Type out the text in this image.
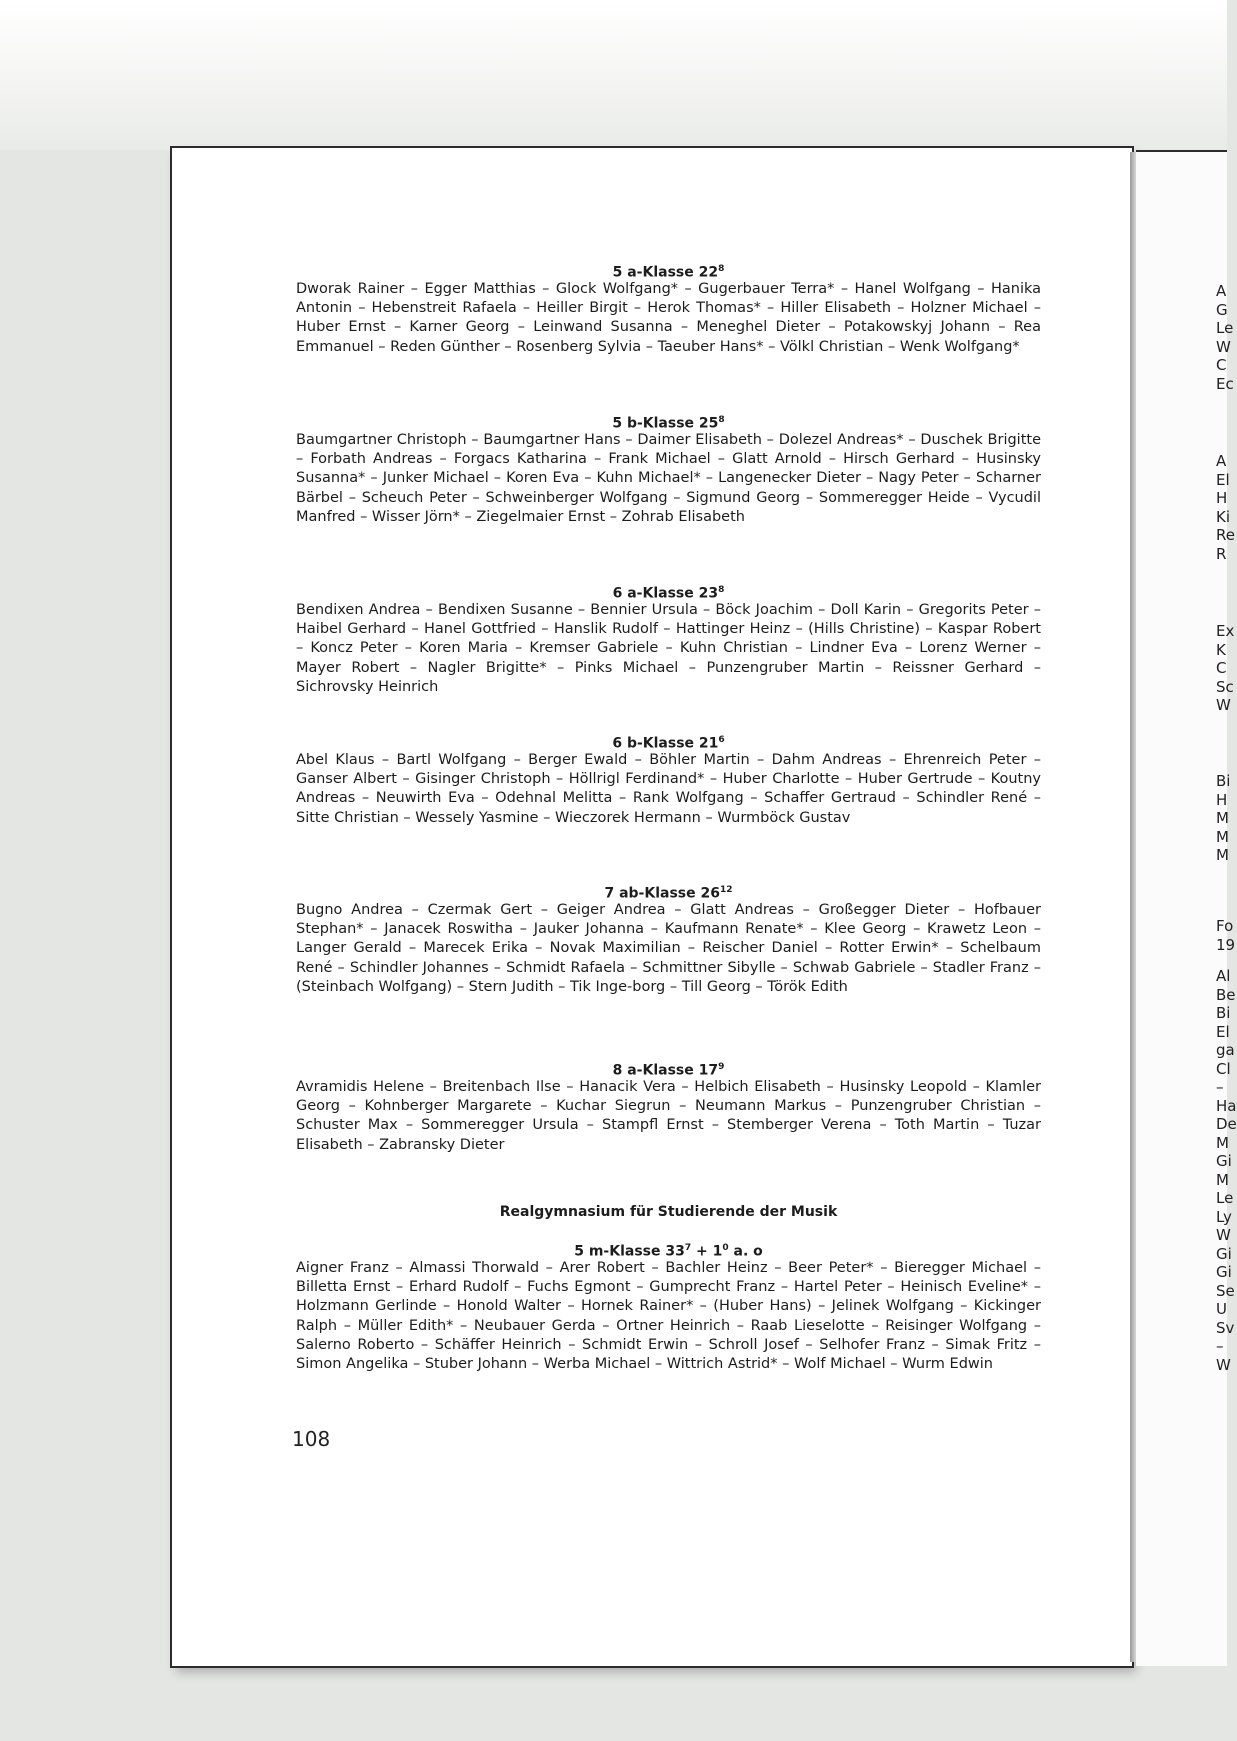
A
G
Le
W
C
Ec
A
El
H
Ki
Re
R
Ex
K
C
Sc
W
Bi
H
M
M
M
Fo
19
Al
Be
Bi
El
ga
Cl
–
Ha
De
M
Gi
M
Le
Ly
W
Gi
Gi
Se
U
Sv
–
W
5 a-Klasse $22^8$

Dworak Rainer – Egger Matthias – Glock Wolfgang* – Gugerbauer Terra* – Hanel Wolfgang – Hanika Antonin – Hebenstreit Rafaela – Heiller Birgit – Herok Thomas* – Hiller Elisabeth – Holzner Michael – Huber Ernst – Karner Georg – Leinwand Susanna – Meneghel Dieter – Potakowskyj Johann – Rea Emmanuel – Reden Günther – Rosenberg Sylvia – Taeuber Hans* – Völkl Christian – Wenk Wolfgang*

5 b-Klasse $25^8$

Baumgartner Christoph – Baumgartner Hans – Daimer Elisabeth – Dolezel Andreas* – Duschek Brigitte – Forbath Andreas – Forgacs Katharina – Frank Michael – Glatt Arnold – Hirsch Gerhard – Husinsky Susanna* – Junker Michael – Koren Eva – Kuhn Michael* – Langenecker Dieter – Nagy Peter – Scharner Bärbel – Scheuch Peter – Schweinberger Wolfgang – Sigmund Georg – Sommeregger Heide – Vycudil Manfred – Wisser Jörn* – Ziegelmaier Ernst – Zohrab Elisabeth

6 a-Klasse $23^8$

Bendixen Andrea – Bendixen Susanne – Bennier Ursula – Böck Joachim – Doll Karin – Gregorits Peter – Haibel Gerhard – Hanel Gottfried – Hanslik Rudolf – Hattinger Heinz – (Hills Christine) – Kaspar Robert – Koncz Peter – Koren Maria – Kremser Gabriele – Kuhn Christian – Lindner Eva – Lorenz Werner – Mayer Robert – Nagler Brigitte* – Pinks Michael – Punzengruber Martin – Reissner Gerhard – Sichrovsky Heinrich

6 b-Klasse $21^6$

Abel Klaus – Bartl Wolfgang – Berger Ewald – Böhler Martin – Dahm Andreas – Ehrenreich Peter – Ganser Albert – Gisinger Christoph – Höllrigl Ferdinand* – Huber Charlotte – Huber Gertrude – Koutny Andreas – Neuwirth Eva – Odehnal Melitta – Rank Wolfgang – Schaffer Gertraud – Schindler René – Sitte Christian – Wessely Yasmine – Wieczorek Hermann – Wurmböck Gustav

7 ab-Klasse $26^{12}$

Bugno Andrea – Czermak Gert – Geiger Andrea – Glatt Andreas – Großegger Dieter – Hofbauer Stephan* – Janacek Roswitha – Jauker Johanna – Kaufmann Renate* – Klee Georg – Krawetz Leon – Langer Gerald – Marecek Erika – Novak Maximilian – Reischer Daniel – Rotter Erwin* – Schelbaum René – Schindler Johannes – Schmidt Rafaela – Schmittner Sibylle – Schwab Gabriele – Stadler Franz – (Steinbach Wolfgang) – Stern Judith – Tik Inge-borg – Till Georg – Török Edith

8 a-Klasse $17^9$

Avramidis Helene – Breitenbach Ilse – Hanacik Vera – Helbich Elisabeth – Husinsky Leopold – Klamler Georg – Kohnberger Margarete – Kuchar Siegrun – Neumann Markus – Punzengruber Christian – Schuster Max – Sommeregger Ursula – Stampfl Ernst – Stemberger Verena – Toth Martin – Tuzar Elisabeth – Zabransky Dieter

Realgymnasium für Studierende der Musik
5 m-Klasse $33^7 + 1^0$ a. o

Aigner Franz – Almassi Thorwald – Arer Robert – Bachler Heinz – Beer Peter* – Bieregger Michael – Billetta Ernst – Erhard Rudolf – Fuchs Egmont – Gumprecht Franz – Hartel Peter – Heinisch Eveline* – Holzmann Gerlinde – Honold Walter – Hornek Rainer* – (Huber Hans) – Jelinek Wolfgang – Kickinger Ralph – Müller Edith* – Neubauer Gerda – Ortner Heinrich – Raab Lieselotte – Reisinger Wolfgang – Salerno Roberto – Schäffer Heinrich – Schmidt Erwin – Schroll Josef – Selhofer Franz – Simak Fritz – Simon Angelika – Stuber Johann – Werba Michael – Wittrich Astrid* – Wolf Michael – Wurm Edwin

108
